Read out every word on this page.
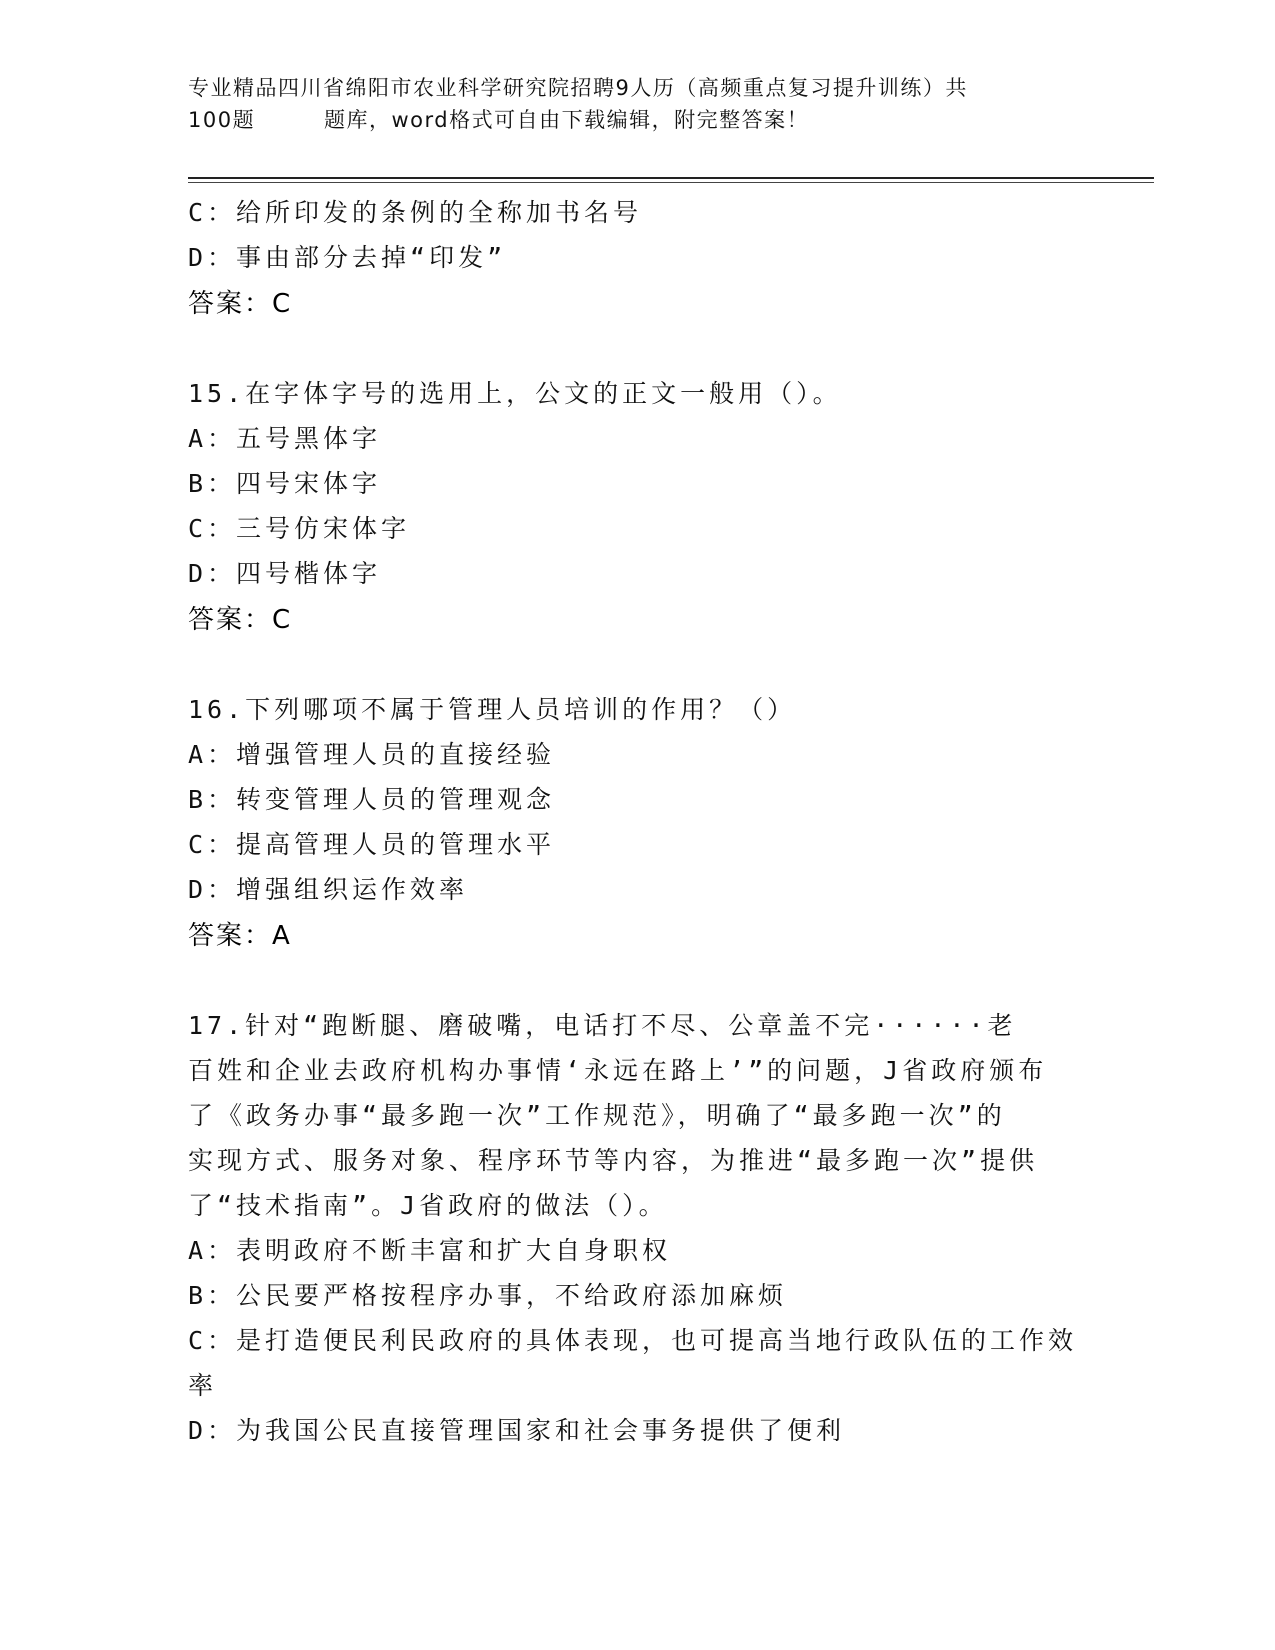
专业精品四川省绵阳市农业科学研究院招聘9人历（高频重点复习提升训练）共
100题	题库，word格式可自由下载编辑，附完整答案！
C：给所印发的条例的全称加书名号
D：事由部分去掉“印发”
答案：C
15.在字体字号的选用上，公文的正文一般用（）。
A：五号黑体字
B：四号宋体字
C：三号仿宋体字
D：四号楷体字
答案：C
16.下列哪项不属于管理人员培训的作用？（）
A：增强管理人员的直接经验
B：转变管理人员的管理观念
C：提高管理人员的管理水平
D：增强组织运作效率
答案：A
17.针对“跑断腿、磨破嘴，电话打不尽、公章盖不完······老
百姓和企业去政府机构办事情‘永远在路上’”的问题，J省政府颁布
了《政务办事“最多跑一次”工作规范》，明确了“最多跑一次”的
实现方式、服务对象、程序环节等内容，为推进“最多跑一次”提供
了“技术指南”。J省政府的做法（）。
A：表明政府不断丰富和扩大自身职权
B：公民要严格按程序办事，不给政府添加麻烦
C：是打造便民利民政府的具体表现，也可提高当地行政队伍的工作效
率
D：为我国公民直接管理国家和社会事务提供了便利
